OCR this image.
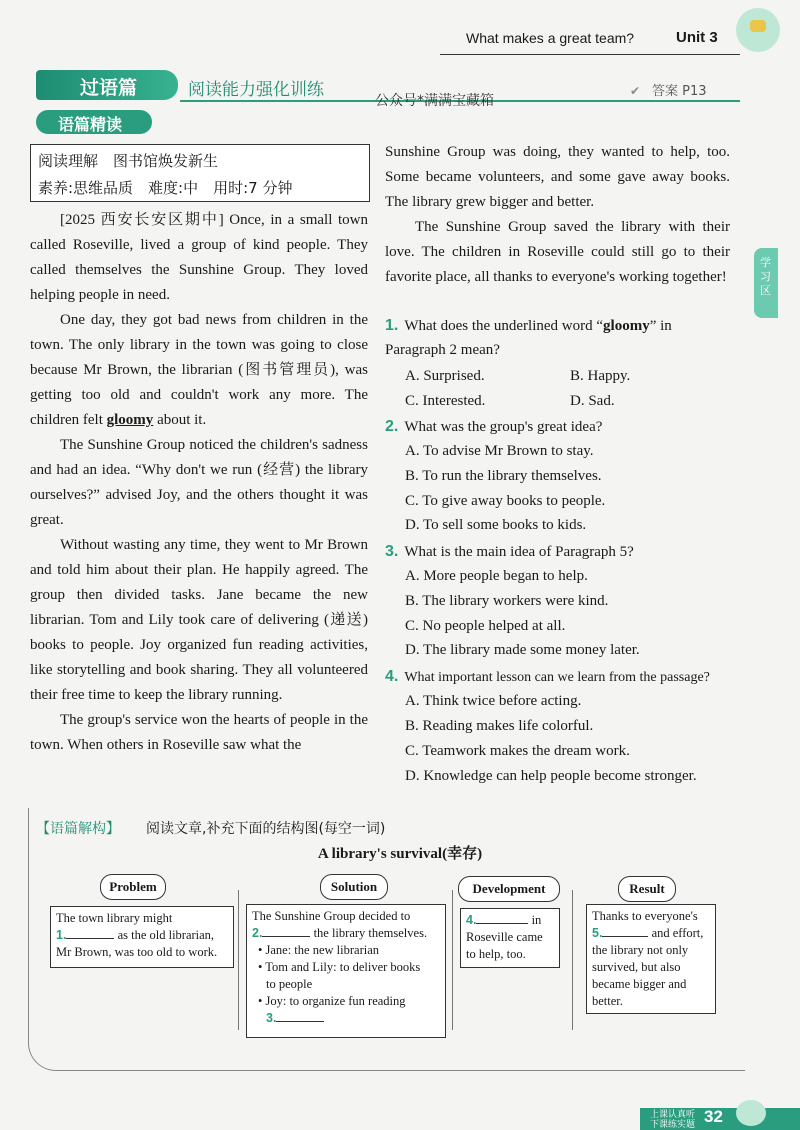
What makes a great team?	Unit 3
过语篇	阅读能力强化训练
公众号*满满宝藏箱
✔ 答案 P13
语篇精读
学习区
阅读理解　图书馆焕发新生
素养:思维品质　难度:中　用时:7 分钟

[2025 西安长安区期中] Once, in a small town called Roseville, lived a group of kind people. They called themselves the Sunshine Group. They loved helping people in need.

One day, they got bad news from children in the town. The only library in the town was going to close because Mr Brown, the librarian (图书管理员), was getting too old and couldn't work any more. The children felt gloomy about it.

The Sunshine Group noticed the children's sadness and had an idea. “Why don't we run (经营) the library ourselves?” advised Joy, and the others thought it was great.

Without wasting any time, they went to Mr Brown and told him about their plan. He happily agreed. The group then divided tasks. Jane became the new librarian. Tom and Lily took care of delivering (递送) books to people. Joy organized fun reading activities, like storytelling and book sharing. They all volunteered their free time to keep the library running.

The group's service won the hearts of people in the town. When others in Roseville saw what the

Sunshine Group was doing, they wanted to help, too. Some became volunteers, and some gave away books. The library grew bigger and better.

The Sunshine Group saved the library with their love. The children in Roseville could still go to their favorite place, all thanks to everyone's working together!

1. What does the underlined word “gloomy” in Paragraph 2 mean?
A. Surprised.	B. Happy.
C. Interested.	D. Sad.
2. What was the group's great idea?
A. To advise Mr Brown to stay.
B. To run the library themselves.
C. To give away books to people.
D. To sell some books to kids.
3. What is the main idea of Paragraph 5?
A. More people began to help.
B. The library workers were kind.
C. No people helped at all.
D. The library made some money later.
4. What important lesson can we learn from the passage?
A. Think twice before acting.
B. Reading makes life colorful.
C. Teamwork makes the dream work.
D. Knowledge can help people become stronger.
【语篇解构】 阅读文章,补充下面的结构图(每空一词)
A library's survival(幸存)
Problem
The town library might
1.	as the old librarian,
Mr Brown, was too old to work.
Solution
The Sunshine Group decided to
2.	the library themselves.
• Jane: the new librarian
• Tom and Lily: to deliver books
to people
• Joy: to organize fun reading
3.
Development
4.	in
Roseville came
to help, too.
Result
Thanks to everyone's
5.	and effort,
the library not only
survived, but also
became bigger and
better.
上课认真听
下课练实题 32
